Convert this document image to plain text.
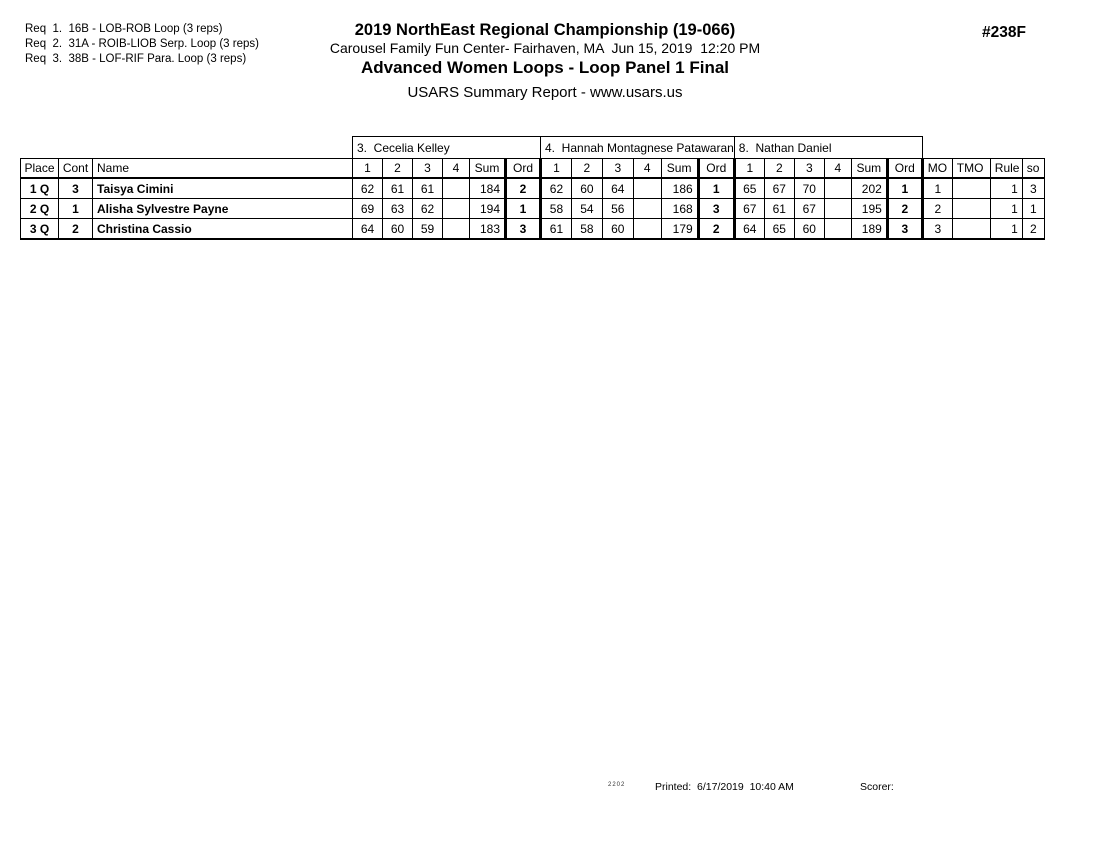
Req  1.  16B - LOB-ROB Loop (3 reps)
Req  2.  31A - ROIB-LIOB Serp. Loop (3 reps)
Req  3.  38B - LOF-RIF Para. Loop (3 reps)
2019 NorthEast Regional Championship (19-066)
Carousel Family Fun Center- Fairhaven, MA  Jun 15, 2019  12:20 PM
Advanced Women Loops - Loop Panel 1 Final
USARS Summary Report - www.usars.us
#238F
			3.  Cecelia Kelley						4.  Hannah Montagnese Patawaran						8.  Nathan Daniel									
Place	Cont	Name	1	2	3	4	Sum	Ord	1	2	3	4	Sum	Ord	1	2	3	4	Sum	Ord	MO	TMO	Rule	so
1 Q	3	Taisya Cimini	62	61	61		184	2	62	60	64		186	1	65	67	70		202	1	1		1	3
2 Q	1	Alisha Sylvestre Payne	69	63	62		194	1	58	54	56		168	3	67	61	67		195	2	2		1	1
3 Q	2	Christina Cassio	64	60	59		183	3	61	58	60		179	2	64	65	60		189	3	3		1	2
2202	Printed:  6/17/2019  10:40 AM	Scorer:
